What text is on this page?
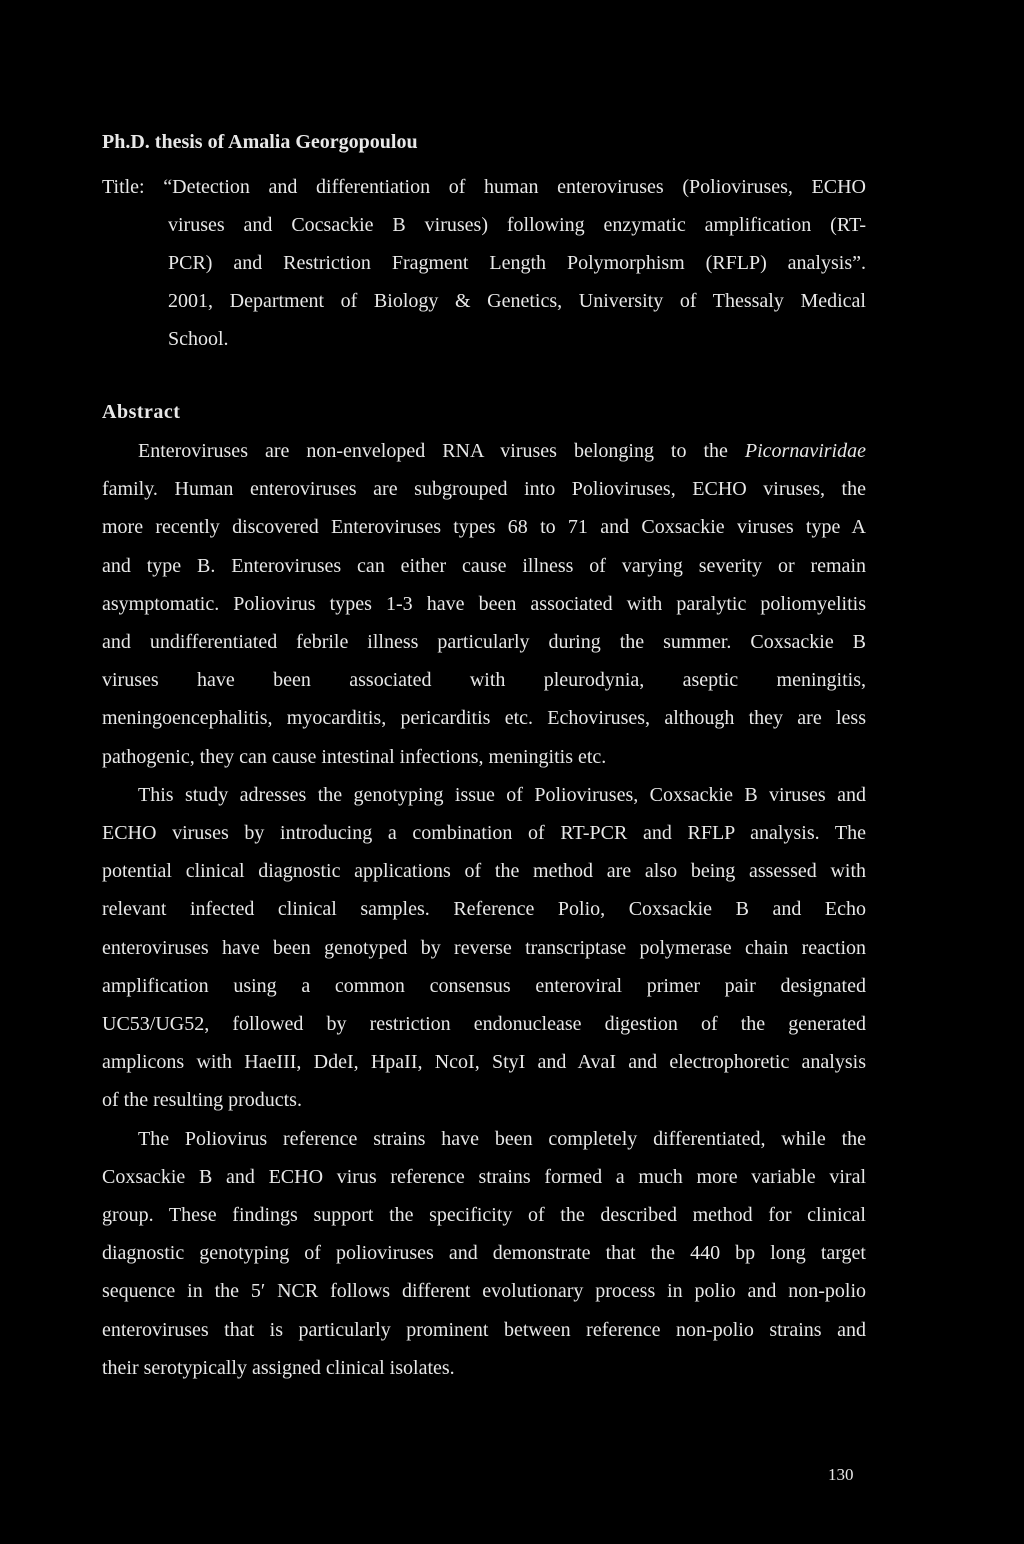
Ph.D. thesis of Amalia Georgopoulou
Title: “Detection and differentiation of human enteroviruses (Polioviruses, ECHO
viruses and Cocsackie B viruses) following enzymatic amplification (RT-
PCR) and Restriction Fragment Length Polymorphism (RFLP) analysis”.
2001, Department of Biology & Genetics, University of Thessaly Medical
School.
Abstract
Enteroviruses are non-enveloped RNA viruses belonging to the Picornaviridae
family. Human enteroviruses are subgrouped into Polioviruses, ECHO viruses, the
more recently discovered Enteroviruses types 68 to 71 and Coxsackie viruses type A
and type B. Enteroviruses can either cause illness of varying severity or remain
asymptomatic. Poliovirus types 1-3 have been associated with paralytic poliomyelitis
and undifferentiated febrile illness particularly during the summer. Coxsackie B
viruses have been associated with pleurodynia, aseptic meningitis,
meningoencephalitis, myocarditis, pericarditis etc. Echoviruses, although they are less
pathogenic, they can cause intestinal infections, meningitis etc.
This study adresses the genotyping issue of Polioviruses, Coxsackie B viruses and
ECHO viruses by introducing a combination of RT-PCR and RFLP analysis. The
potential clinical diagnostic applications of the method are also being assessed with
relevant infected clinical samples. Reference Polio, Coxsackie B and Echo
enteroviruses have been genotyped by reverse transcriptase polymerase chain reaction
amplification using a common consensus enteroviral primer pair designated
UC53/UG52, followed by restriction endonuclease digestion of the generated
amplicons with HaeIII, DdeI, HpaII, NcoI, StyI and AvaI and electrophoretic analysis
of the resulting products.
The Poliovirus reference strains have been completely differentiated, while the
Coxsackie B and ECHO virus reference strains formed a much more variable viral
group. These findings support the specificity of the described method for clinical
diagnostic genotyping of polioviruses and demonstrate that the 440 bp long target
sequence in the 5′ NCR follows different evolutionary process in polio and non-polio
enteroviruses that is particularly prominent between reference non-polio strains and
their serotypically assigned clinical isolates.
130
